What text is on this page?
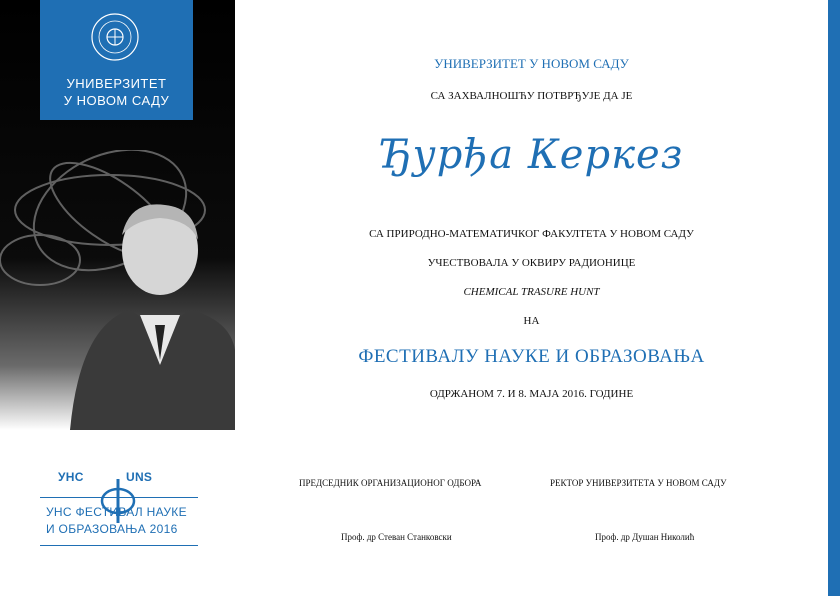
УНИВЕРЗИТЕТ
У НОВОМ САДУ
УНС	UNS
УНС ФЕСТИВАЛ НАУКЕ
И ОБРАЗОВАЊА 2016
УНИВЕРЗИТЕТ У НОВОМ САДУ
СА ЗАХВАЛНОШЋУ ПОТВРЂУЈЕ ДА ЈЕ
Ђурђа Керкез
СА ПРИРОДНО-МАТЕМАТИЧКОГ ФАКУЛТЕТА У НОВОМ САДУ
УЧЕСТВОВАЛА У ОКВИРУ РАДИОНИЦЕ
CHEMICAL TRASURE HUNT
НА
ФЕСТИВАЛУ НАУКЕ И ОБРАЗОВАЊА
ОДРЖАНОМ 7. И 8. МАЈА 2016. ГОДИНЕ
ПРЕДСЕДНИК ОРГАНИЗАЦИОНОГ ОДБОРА
Проф. др Стеван Станковски
РЕКТОР УНИВЕРЗИТЕТА У НОВОМ САДУ
Проф. др Душан Николић
